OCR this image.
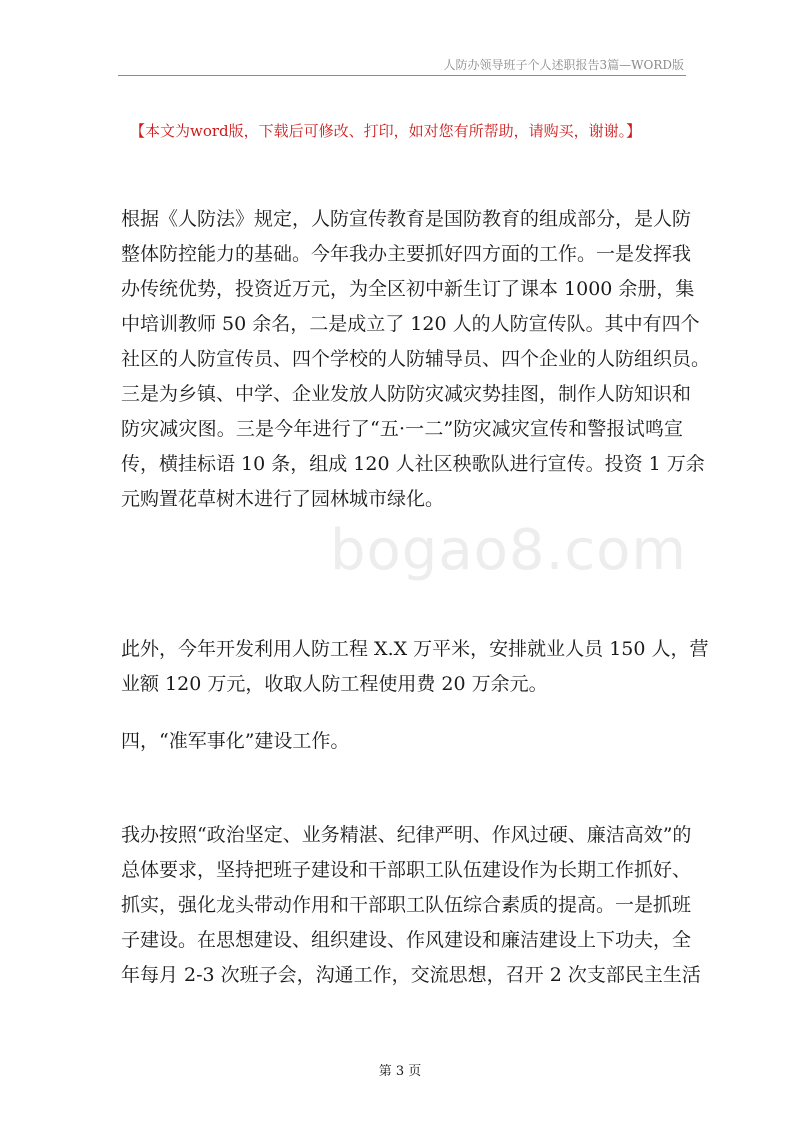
人防办领导班子个人述职报告3篇—WORD版
【本文为word版，下载后可修改、打印，如对您有所帮助，请购买，谢谢。】
bogao8.com

根据《人防法》规定，人防宣传教育是国防教育的组成部分，是人防
整体防控能力的基础。今年我办主要抓好四方面的工作。一是发挥我
办传统优势，投资近万元，为全区初中新生订了课本 1000 余册，集
中培训教师 50 余名，二是成立了 120 人的人防宣传队。其中有四个
社区的人防宣传员、四个学校的人防辅导员、四个企业的人防组织员。
三是为乡镇、中学、企业发放人防防灾减灾势挂图，制作人防知识和
防灾减灾图。三是今年进行了“五·一二”防灾减灾宣传和警报试鸣宣
传，横挂标语 10 条，组成 120 人社区秧歌队进行宣传。投资 1 万余
元购置花草树木进行了园林城市绿化。

此外，今年开发利用人防工程 X.X 万平米，安排就业人员 150 人，营
业额 120 万元，收取人防工程使用费 20 万余元。

四，“准军事化”建设工作。

我办按照“政治坚定、业务精湛、纪律严明、作风过硬、廉洁高效”的
总体要求，坚持把班子建设和干部职工队伍建设作为长期工作抓好、
抓实，强化龙头带动作用和干部职工队伍综合素质的提高。一是抓班
子建设。在思想建设、组织建设、作风建设和廉洁建设上下功夫，全
年每月 2-3 次班子会，沟通工作，交流思想，召开 2 次支部民主生活

第 3 页
